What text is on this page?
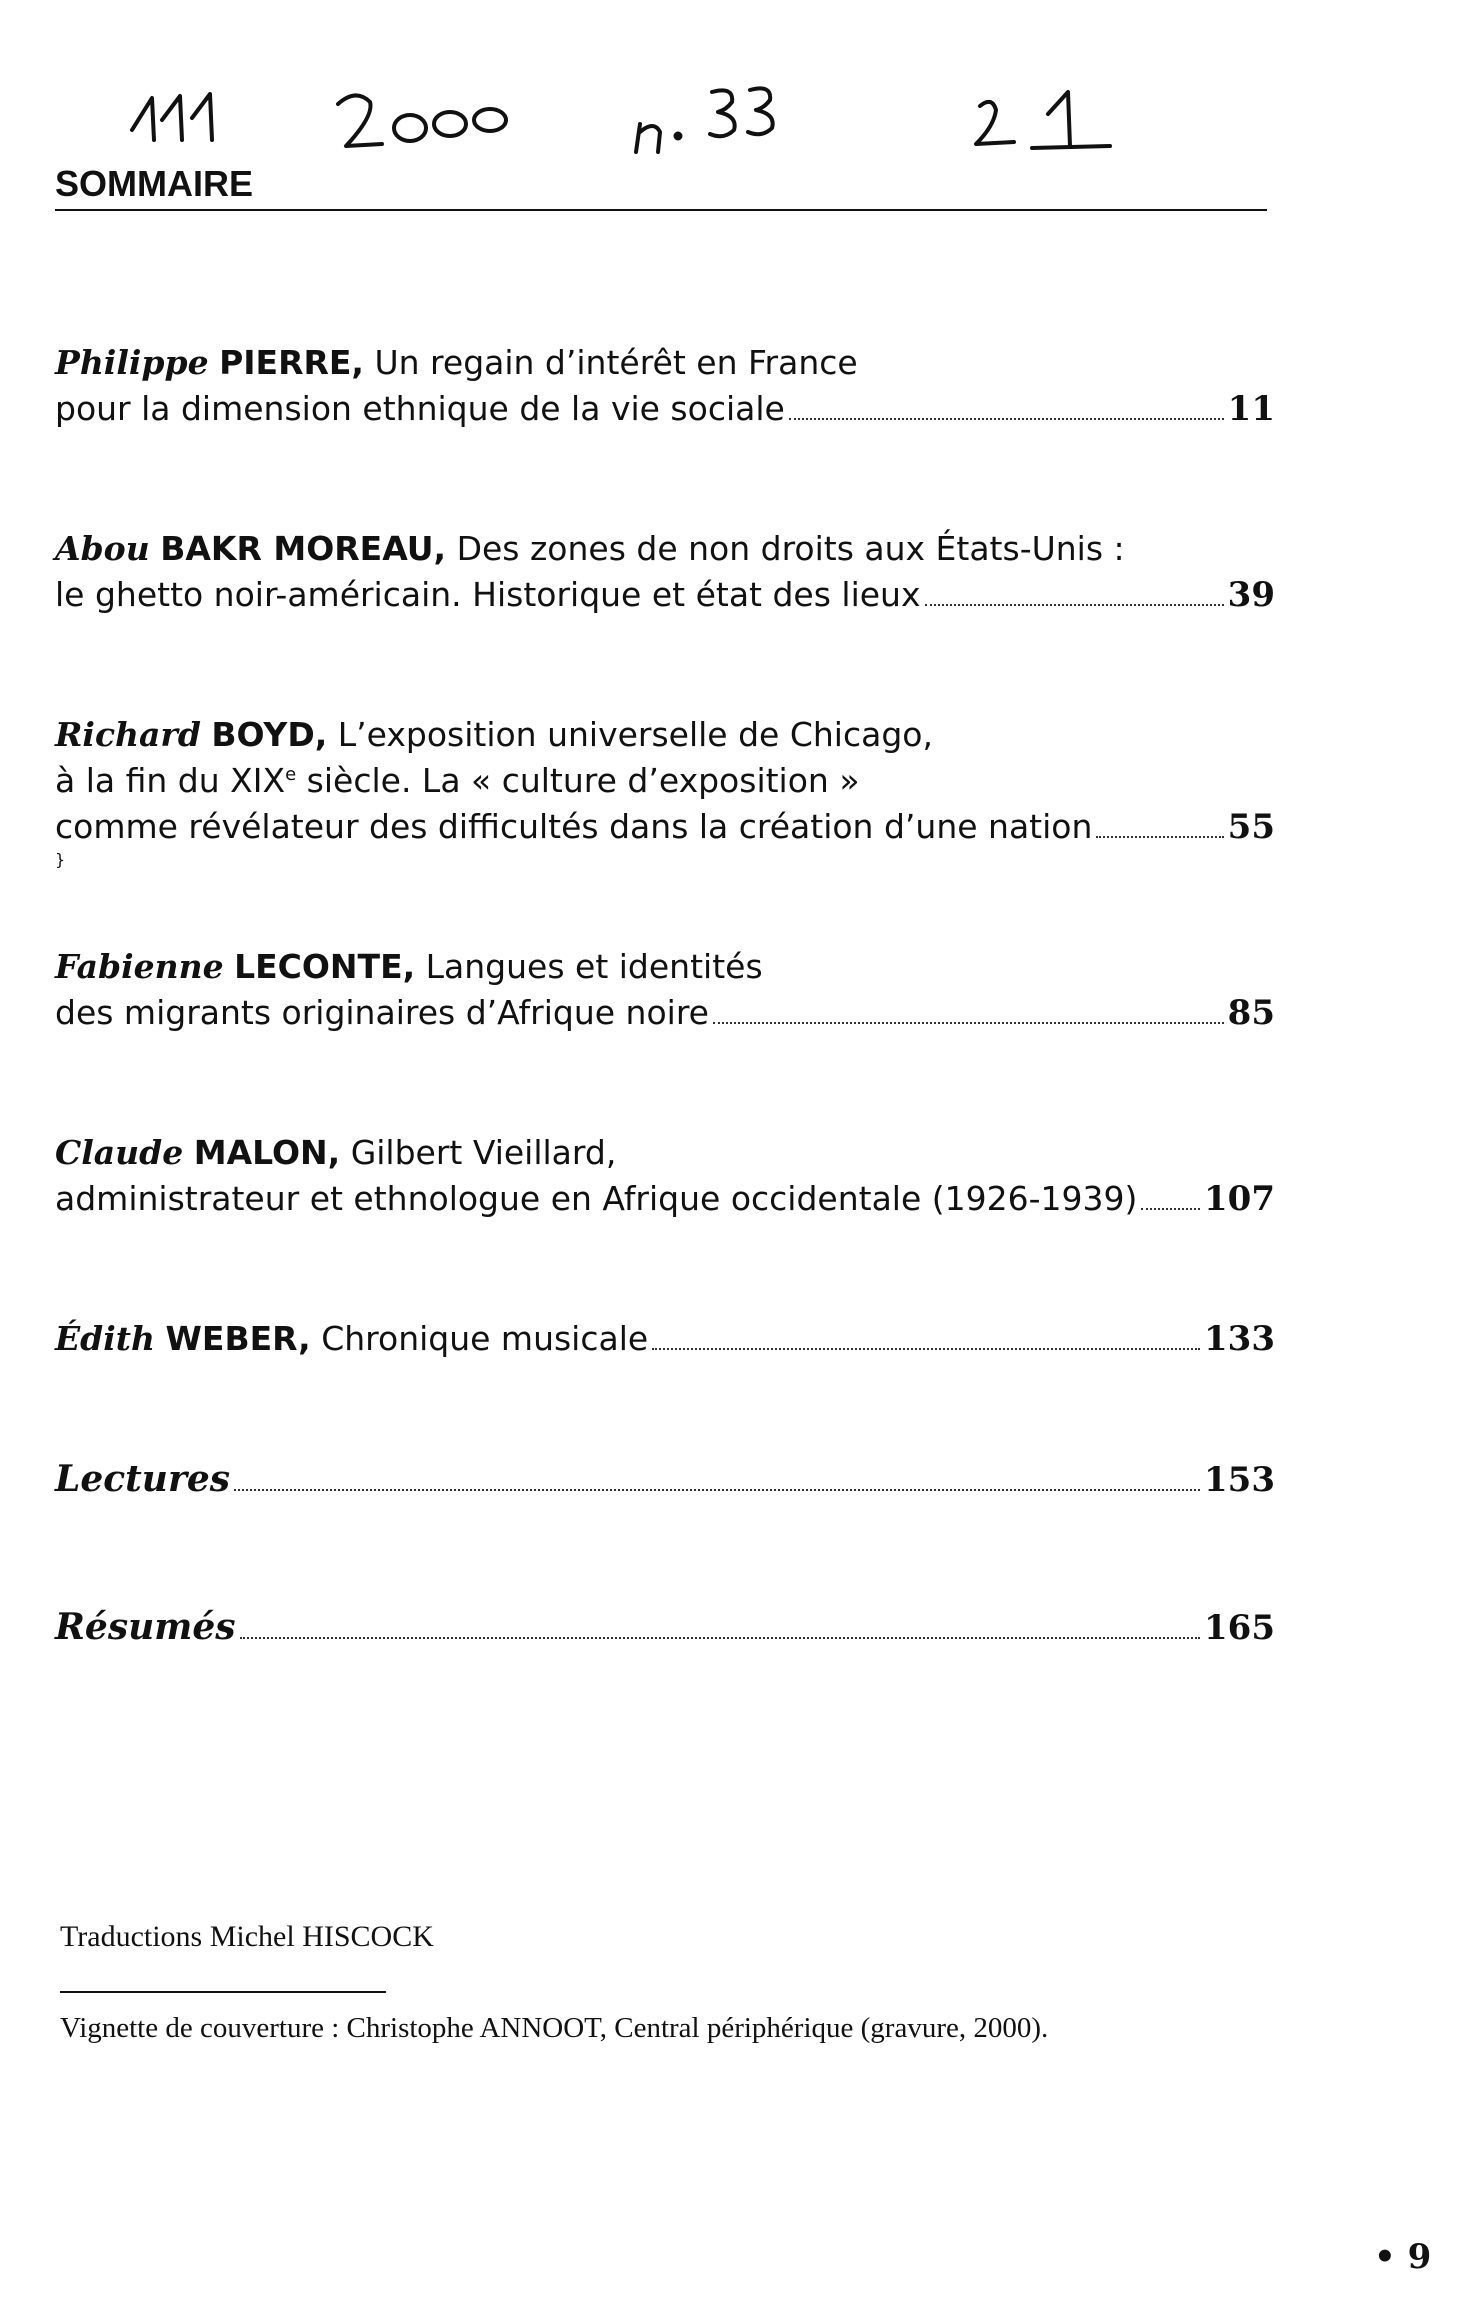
SOMMAIRE
Philippe PIERRE, Un regain d’intérêt en France
pour la dimension ethnique de la vie sociale	11
Abou BAKR MOREAU, Des zones de non droits aux États-Unis :
le ghetto noir-américain. Historique et état des lieux	39
Richard BOYD, L’exposition universelle de Chicago,
à la fin du XIXe siècle. La « culture d’exposition »
comme révélateur des difficultés dans la création d’une nation	55
}
Fabienne LECONTE, Langues et identités
des migrants originaires d’Afrique noire	85
Claude MALON, Gilbert Vieillard,
administrateur et ethnologue en Afrique occidentale (1926-1939) 107
Édith WEBER, Chronique musicale	133
Lectures	153
Résumés	165
Traductions Michel HISCOCK
Vignette de couverture : Christophe ANNOOT, Central périphérique (gravure, 2000).
• 9
